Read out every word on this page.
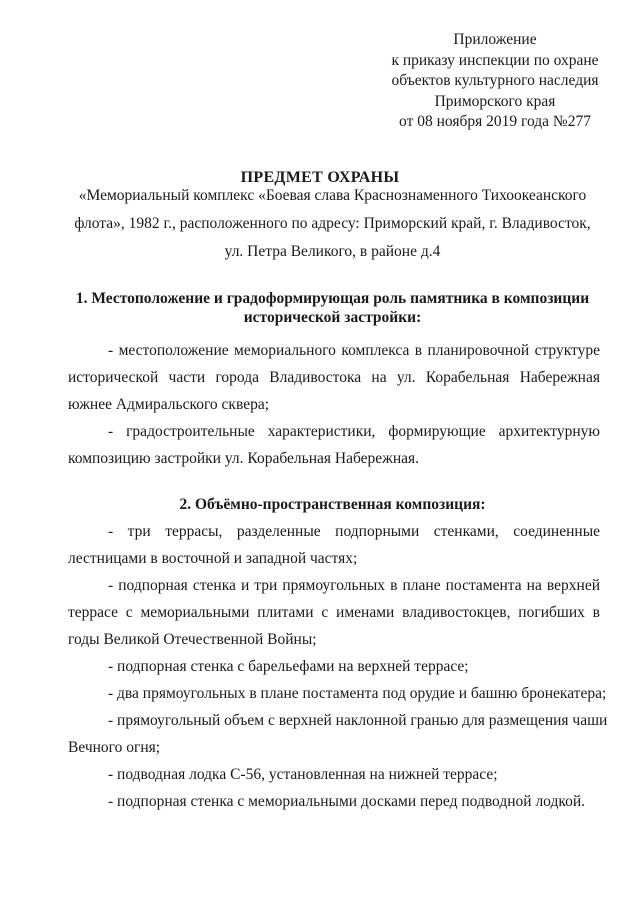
Приложение
к приказу инспекции по охране
объектов культурного наследия
Приморского края
от 08 ноября 2019 года №277
ПРЕДМЕТ ОХРАНЫ
«Мемориальный комплекс «Боевая слава Краснознаменного Тихоокеанского
флота», 1982 г., расположенного по адресу: Приморский край, г. Владивосток,
ул. Петра Великого, в районе д.4
1. Местоположение и градоформирующая роль памятника в композиции
исторической застройки:
- местоположение мемориального комплекса в планировочной структуре
исторической части города Владивостока на ул. Корабельная Набережная
южнее Адмиральского сквера;
- градостроительные характеристики, формирующие архитектурную
композицию застройки ул. Корабельная Набережная.
2. Объёмно-пространственная композиция:
- три террасы, разделенные подпорными стенками, соединенные
лестницами в восточной и западной частях;
- подпорная стенка и три прямоугольных в плане постамента на верхней
террасе с мемориальными плитами с именами владивостокцев, погибших в
годы Великой Отечественной Войны;
- подпорная стенка с барельефами на верхней террасе;
- два прямоугольных в плане постамента под орудие и башню бронекатера;
- прямоугольный объем с верхней наклонной гранью для размещения чаши
Вечного огня;
- подводная лодка С-56, установленная на нижней террасе;
- подпорная стенка с мемориальными досками перед подводной лодкой.
